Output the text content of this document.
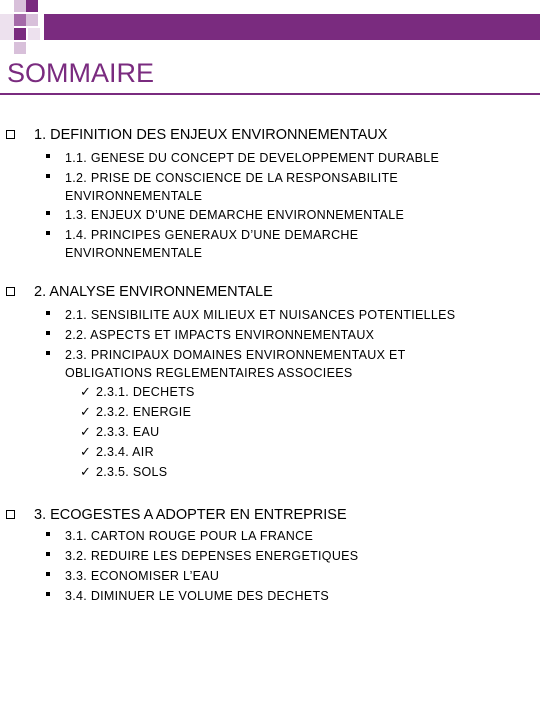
SOMMAIRE
1. DEFINITION DES ENJEUX ENVIRONNEMENTAUX
1.1. GENESE DU CONCEPT DE DEVELOPPEMENT DURABLE
1.2. PRISE DE CONSCIENCE DE LA RESPONSABILITE
ENVIRONNEMENTALE
1.3. ENJEUX D’UNE DEMARCHE ENVIRONNEMENTALE
1.4. PRINCIPES GENERAUX D’UNE DEMARCHE
ENVIRONNEMENTALE
2. ANALYSE ENVIRONNEMENTALE
2.1. SENSIBILITE AUX MILIEUX ET NUISANCES POTENTIELLES
2.2. ASPECTS ET IMPACTS ENVIRONNEMENTAUX
2.3. PRINCIPAUX DOMAINES ENVIRONNEMENTAUX ET
OBLIGATIONS REGLEMENTAIRES ASSOCIEES
✓ 2.3.1. DECHETS
✓ 2.3.2. ENERGIE
✓ 2.3.3. EAU
✓ 2.3.4. AIR
✓ 2.3.5. SOLS
3. ECOGESTES A ADOPTER EN ENTREPRISE
3.1. CARTON ROUGE POUR LA FRANCE
3.2. REDUIRE LES DEPENSES ENERGETIQUES
3.3. ECONOMISER L’EAU
3.4. DIMINUER LE VOLUME DES DECHETS
